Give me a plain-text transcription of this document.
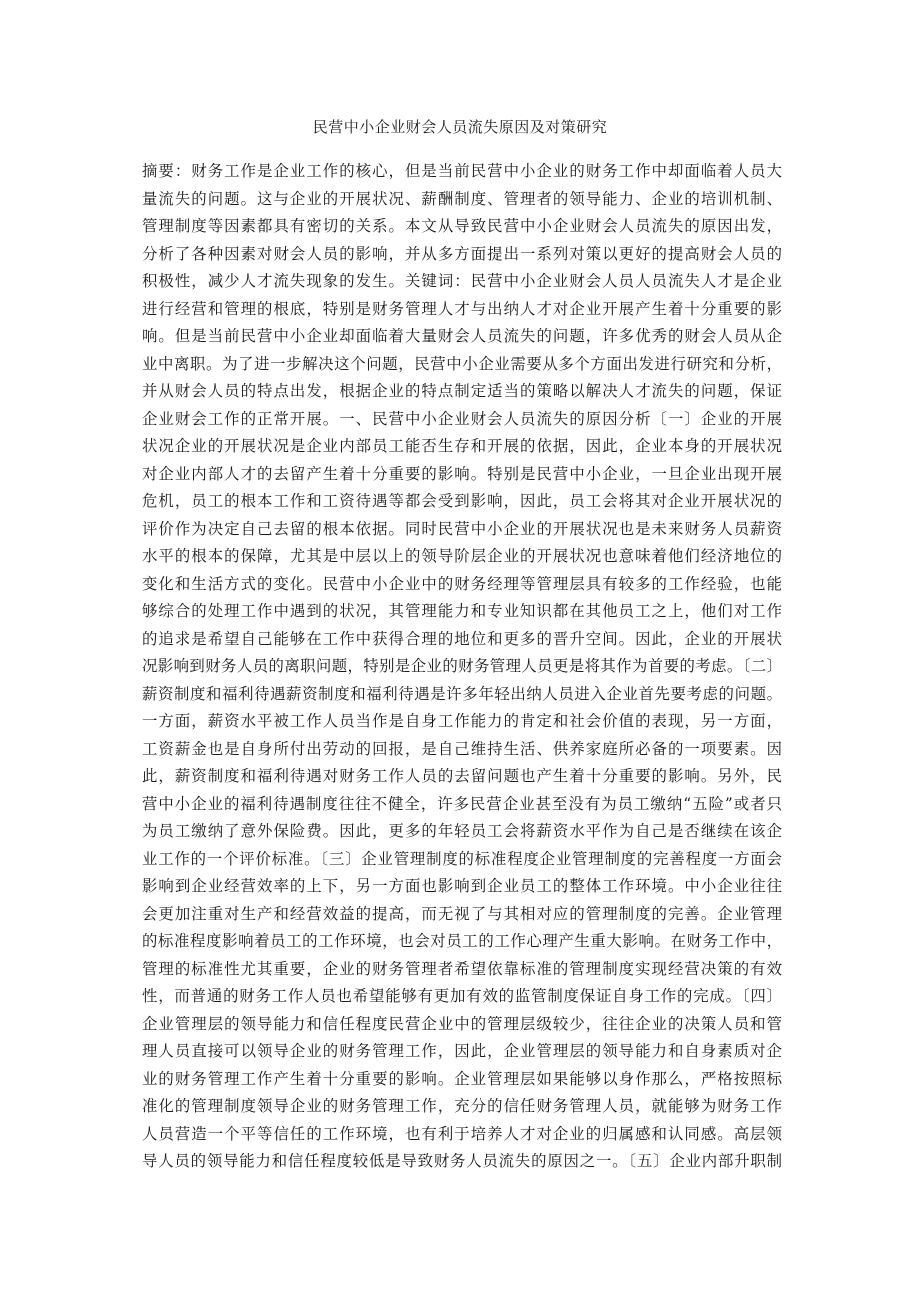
民营中小企业财会人员流失原因及对策研究
摘要：财务工作是企业工作的核心，但是当前民营中小企业的财务工作中却面临着人员大
量流失的问题。这与企业的开展状况、薪酬制度、管理者的领导能力、企业的培训机制、
管理制度等因素都具有密切的关系。本文从导致民营中小企业财会人员流失的原因出发，
分析了各种因素对财会人员的影响，并从多方面提出一系列对策以更好的提高财会人员的
积极性，减少人才流失现象的发生。关键词：民营中小企业财会人员人员流失人才是企业
进行经营和管理的根底，特别是财务管理人才与出纳人才对企业开展产生着十分重要的影
响。但是当前民营中小企业却面临着大量财会人员流失的问题，许多优秀的财会人员从企
业中离职。为了进一步解决这个问题，民营中小企业需要从多个方面出发进行研究和分析，
并从财会人员的特点出发，根据企业的特点制定适当的策略以解决人才流失的问题，保证
企业财会工作的正常开展。一、民营中小企业财会人员流失的原因分析〔一〕企业的开展
状况企业的开展状况是企业内部员工能否生存和开展的依据，因此，企业本身的开展状况
对企业内部人才的去留产生着十分重要的影响。特别是民营中小企业，一旦企业出现开展
危机，员工的根本工作和工资待遇等都会受到影响，因此，员工会将其对企业开展状况的
评价作为决定自己去留的根本依据。同时民营中小企业的开展状况也是未来财务人员薪资
水平的根本的保障，尤其是中层以上的领导阶层企业的开展状况也意味着他们经济地位的
变化和生活方式的变化。民营中小企业中的财务经理等管理层具有较多的工作经验，也能
够综合的处理工作中遇到的状况，其管理能力和专业知识都在其他员工之上，他们对工作
的追求是希望自己能够在工作中获得合理的地位和更多的晋升空间。因此，企业的开展状
况影响到财务人员的离职问题，特别是企业的财务管理人员更是将其作为首要的考虑。〔二〕
薪资制度和福利待遇薪资制度和福利待遇是许多年轻出纳人员进入企业首先要考虑的问题。
一方面，薪资水平被工作人员当作是自身工作能力的肯定和社会价值的表现，另一方面，
工资薪金也是自身所付出劳动的回报，是自己维持生活、供养家庭所必备的一项要素。因
此，薪资制度和福利待遇对财务工作人员的去留问题也产生着十分重要的影响。另外，民
营中小企业的福利待遇制度往往不健全，许多民营企业甚至没有为员工缴纳“五险”或者只
为员工缴纳了意外保险费。因此，更多的年轻员工会将薪资水平作为自己是否继续在该企
业工作的一个评价标准。〔三〕企业管理制度的标准程度企业管理制度的完善程度一方面会
影响到企业经营效率的上下，另一方面也影响到企业员工的整体工作环境。中小企业往往
会更加注重对生产和经营效益的提高，而无视了与其相对应的管理制度的完善。企业管理
的标准程度影响着员工的工作环境，也会对员工的工作心理产生重大影响。在财务工作中，
管理的标准性尤其重要，企业的财务管理者希望依靠标准的管理制度实现经营决策的有效
性，而普通的财务工作人员也希望能够有更加有效的监管制度保证自身工作的完成。〔四〕
企业管理层的领导能力和信任程度民营企业中的管理层级较少，往往企业的决策人员和管
理人员直接可以领导企业的财务管理工作，因此，企业管理层的领导能力和自身素质对企
业的财务管理工作产生着十分重要的影响。企业管理层如果能够以身作那么，严格按照标
准化的管理制度领导企业的财务管理工作，充分的信任财务管理人员，就能够为财务工作
人员营造一个平等信任的工作环境，也有利于培养人才对企业的归属感和认同感。高层领
导人员的领导能力和信任程度较低是导致财务人员流失的原因之一。〔五〕企业内部升职制
